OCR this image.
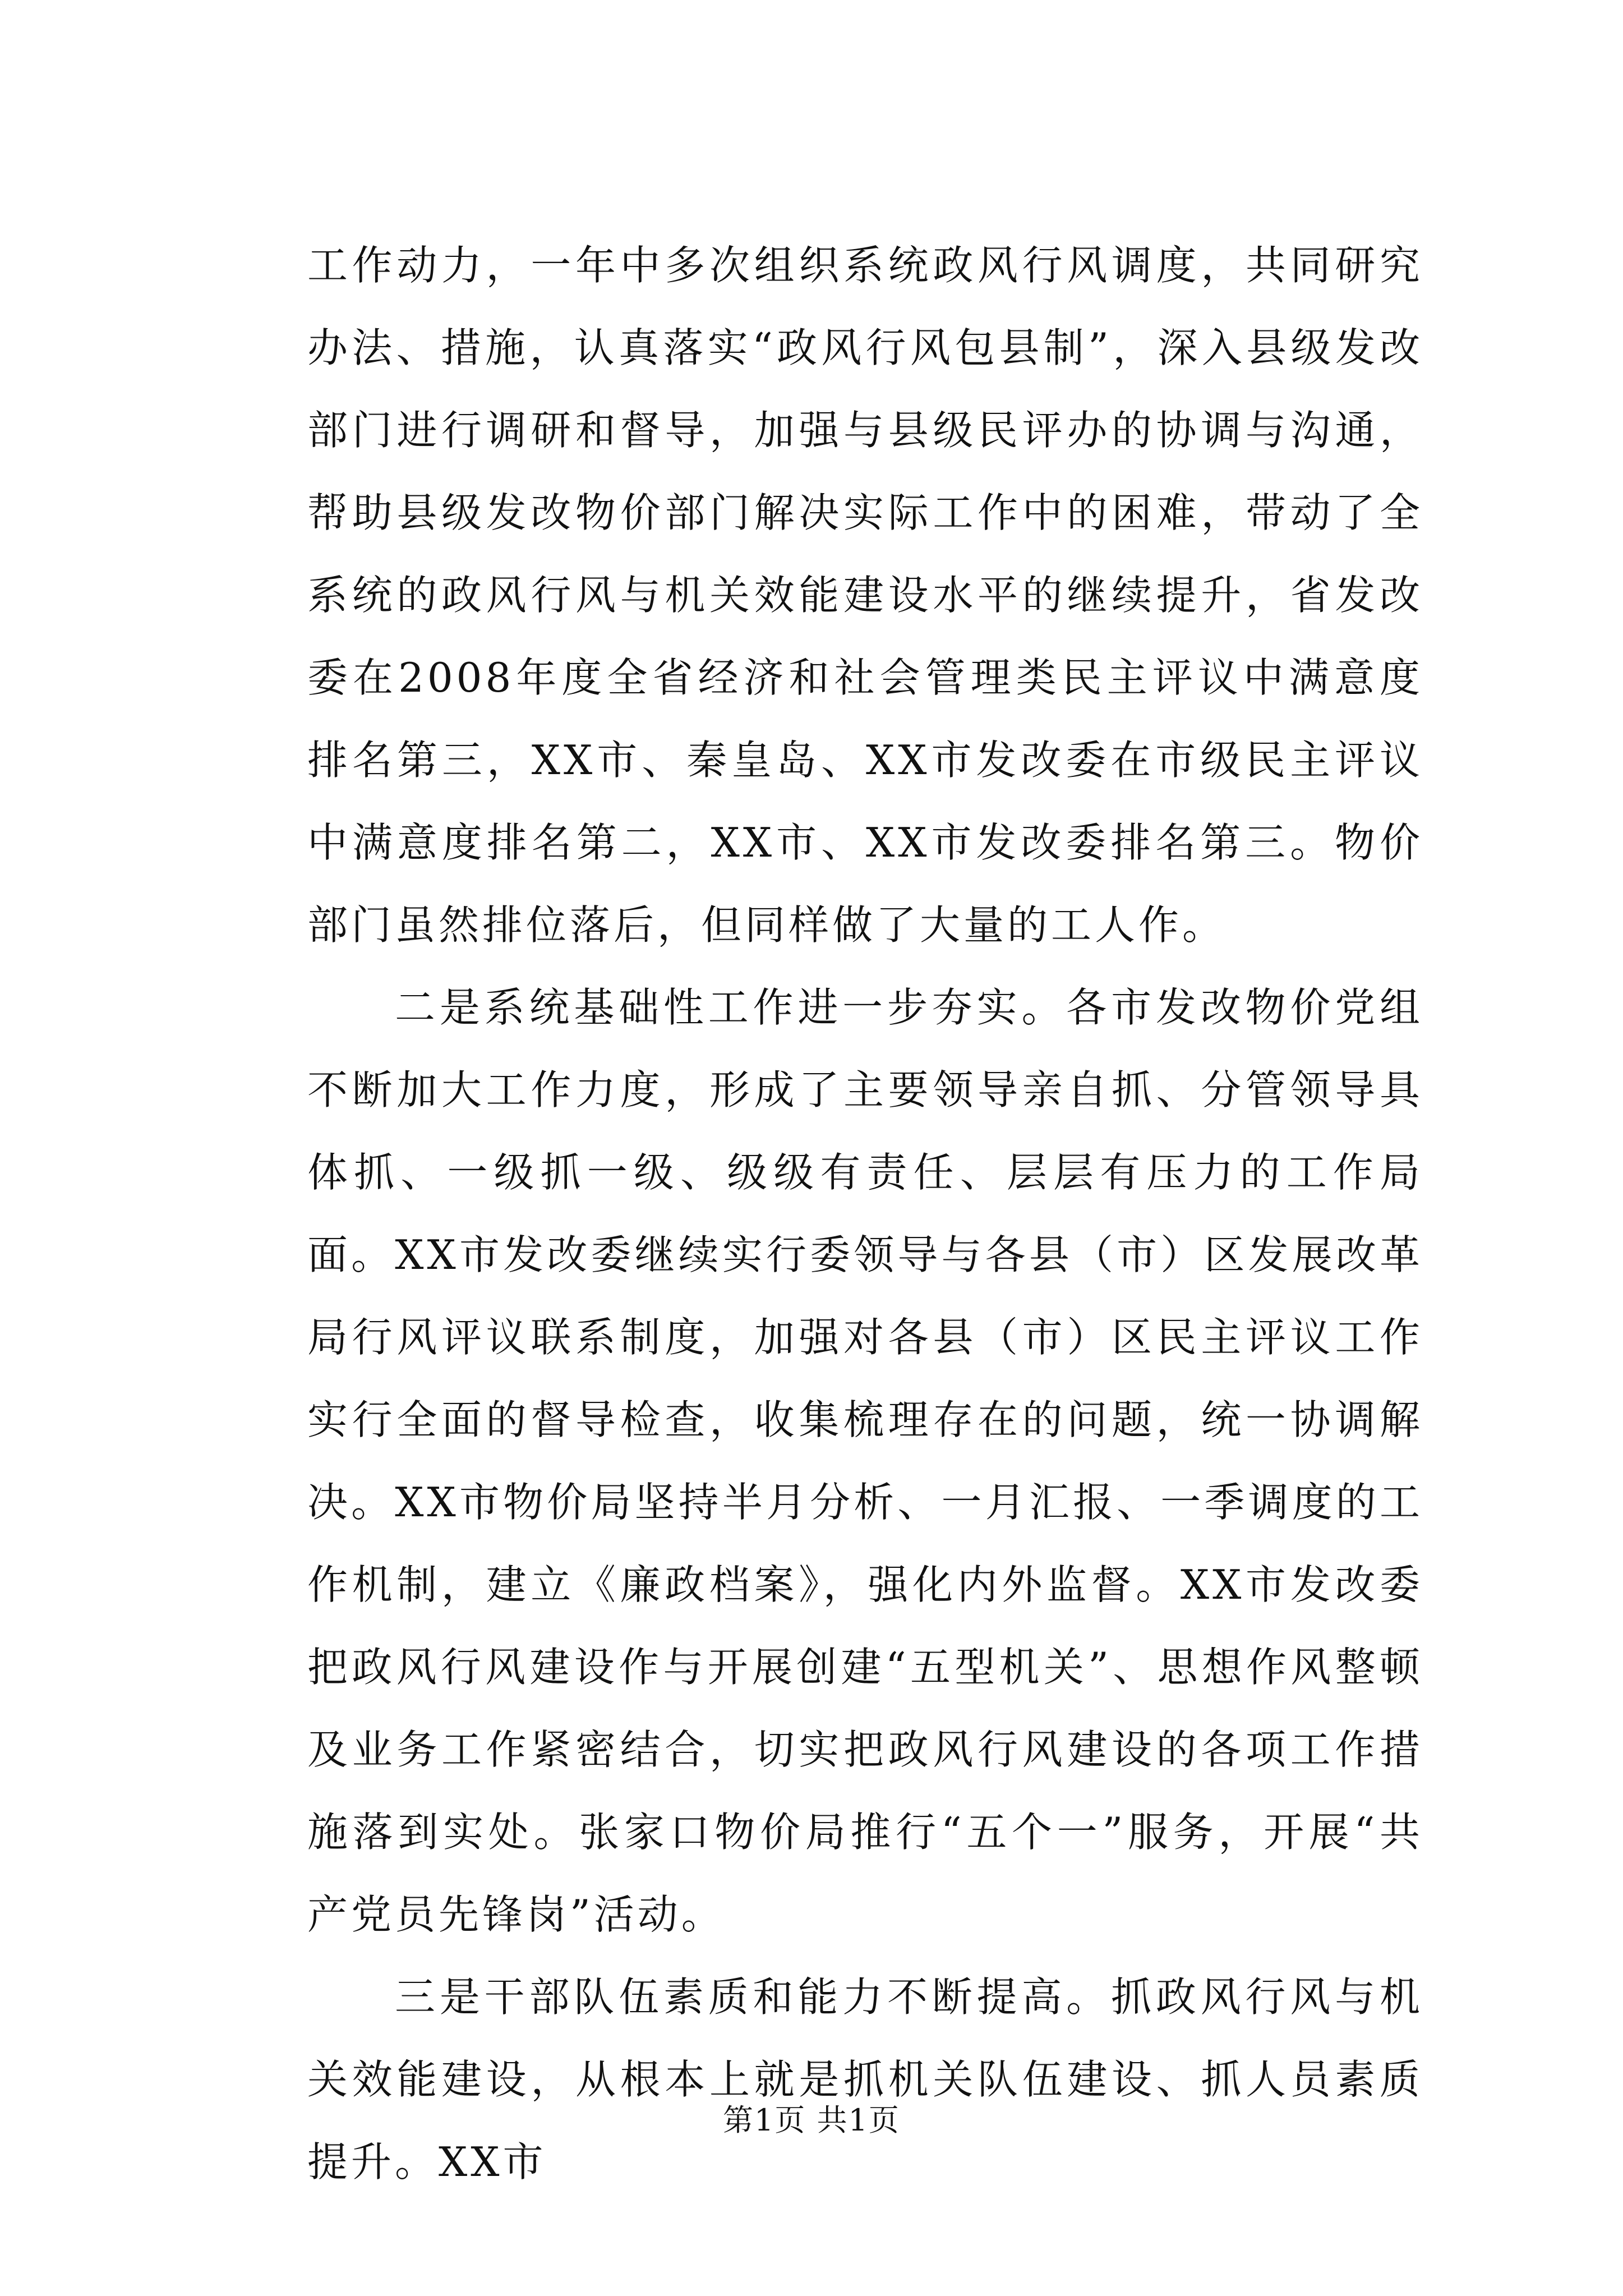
工作动力，一年中多次组织系统政风行风调度，共同研究办法、措施，认真落实“政风行风包县制”，深入县级发改部门进行调研和督导，加强与县级民评办的协调与沟通，帮助县级发改物价部门解决实际工作中的困难，带动了全系统的政风行风与机关效能建设水平的继续提升，省发改委在2008年度全省经济和社会管理类民主评议中满意度排名第三，XX市、秦皇岛、XX市发改委在市级民主评议中满意度排名第二，XX市、XX市发改委排名第三。物价部门虽然排位落后，但同样做了大量的工人作。

二是系统基础性工作进一步夯实。各市发改物价党组不断加大工作力度，形成了主要领导亲自抓、分管领导具体抓、一级抓一级、级级有责任、层层有压力的工作局面。XX市发改委继续实行委领导与各县（市）区发展改革局行风评议联系制度，加强对各县（市）区民主评议工作实行全面的督导检查，收集梳理存在的问题，统一协调解决。XX市物价局坚持半月分析、一月汇报、一季调度的工作机制，建立《廉政档案》，强化内外监督。XX市发改委把政风行风建设作与开展创建“五型机关”、思想作风整顿及业务工作紧密结合，切实把政风行风建设的各项工作措施落到实处。张家口物价局推行“五个一”服务，开展“共产党员先锋岗”活动。

三是干部队伍素质和能力不断提高。抓政风行风与机关效能建设，从根本上就是抓机关队伍建设、抓人员素质提升。XX市

第1页 共1页
